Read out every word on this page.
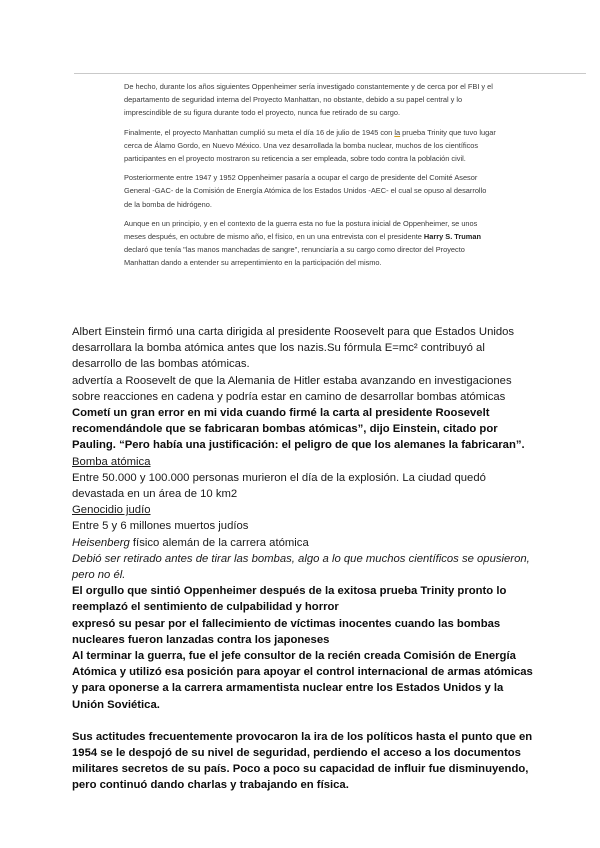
De hecho, durante los años siguientes Oppenheimer sería investigado constantemente y de cerca por el FBI y el departamento de seguridad interna del Proyecto Manhattan, no obstante, debido a su papel central y lo imprescindible de su figura durante todo el proyecto, nunca fue retirado de su cargo.

Finalmente, el proyecto Manhattan cumplió su meta el día 16 de julio de 1945 con la prueba Trinity que tuvo lugar cerca de Álamo Gordo, en Nuevo México. Una vez desarrollada la bomba nuclear, muchos de los científicos participantes en el proyecto mostraron su reticencia a ser empleada, sobre todo contra la población civil.

Posteriormente entre 1947 y 1952 Oppenheimer pasaría a ocupar el cargo de presidente del Comité Asesor General -GAC- de la Comisión de Energía Atómica de los Estados Unidos -AEC- el cual se opuso al desarrollo de la bomba de hidrógeno.

Aunque en un principio, y en el contexto de la guerra esta no fue la postura inicial de Oppenheimer, se unos meses después, en octubre de mismo año, el físico, en un una entrevista con el presidente Harry S. Truman declaró que tenía "las manos manchadas de sangre", renunciaría a su cargo como director del Proyecto Manhattan dando a entender su arrepentimiento en la participación del mismo.

Albert Einstein firmó una carta dirigida al presidente Roosevelt para que Estados Unidos

desarrollara la bomba atómica antes que los nazis.Su fórmula E=mc² contribuyó al

desarrollo de las bombas atómicas.

advertía a Roosevelt de que la Alemania de Hitler estaba avanzando en investigaciones

sobre reacciones en cadena y podría estar en camino de desarrollar bombas atómicas

Cometí un gran error en mi vida cuando firmé la carta al presidente Roosevelt

recomendándole que se fabricaran bombas atómicas”, dijo Einstein, citado por

Pauling. “Pero había una justificación: el peligro de que los alemanes la fabricaran”.

Bomba atómica

Entre 50.000 y 100.000 personas murieron el día de la explosión. La ciudad quedó

devastada en un área de 10 km2

Genocidio judío

Entre 5 y 6 millones muertos judíos

Heisenberg físico alemán de la carrera atómica

Debió ser retirado antes de tirar las bombas, algo a lo que muchos científicos se opusieron,

pero no él.

El orgullo que sintió Oppenheimer después de la exitosa prueba Trinity pronto lo

reemplazó el sentimiento de culpabilidad y horror

expresó su pesar por el fallecimiento de víctimas inocentes cuando las bombas

nucleares fueron lanzadas contra los japoneses

Al terminar la guerra, fue el jefe consultor de la recién creada Comisión de Energía

Atómica y utilizó esa posición para apoyar el control internacional de armas atómicas

y para oponerse a la carrera armamentista nuclear entre los Estados Unidos y la

Unión Soviética.

Sus actitudes frecuentemente provocaron la ira de los políticos hasta el punto que en

1954 se le despojó de su nivel de seguridad, perdiendo el acceso a los documentos

militares secretos de su país. Poco a poco su capacidad de influir fue disminuyendo,

pero continuó dando charlas y trabajando en física.
